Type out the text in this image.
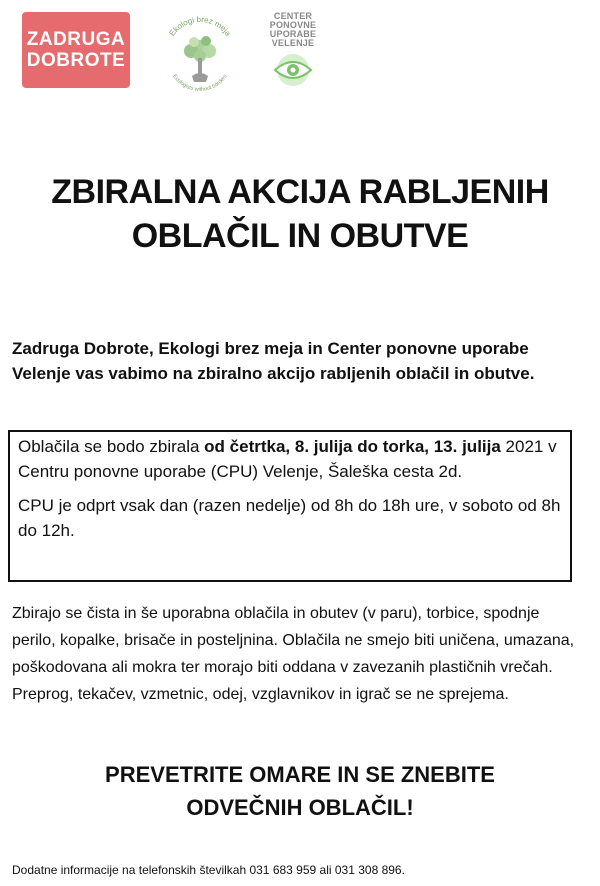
ZADRUGA
DOBROTE
Ekologi brez meja
Ecologists without borders
CENTER
PONOVNE
UPORABE
VELENJE
ZBIRALNA AKCIJA RABLJENIH
OBLAČIL IN OBUTVE

Zadruga Dobrote, Ekologi brez meja in Center ponovne uporabe Velenje vas vabimo na zbiralno akcijo rabljenih oblačil in obutve.

Oblačila se bodo zbirala od četrtka, 8. julija do torka, 13. julija 2021 v Centru ponovne uporabe (CPU) Velenje, Šaleška cesta 2d.

CPU je odprt vsak dan (razen nedelje) od 8h do 18h ure, v soboto od 8h do 12h.

Zbirajo se čista in še uporabna oblačila in obutev (v paru), torbice, spodnje perilo, kopalke, brisače in posteljnina. Oblačila ne smejo biti uničena, umazana, poškodovana ali mokra ter morajo biti oddana v zavezanih plastičnih vrečah. Preprog, tekačev, vzmetnic, odej, vzglavnikov in igrač se ne sprejema.

PREVETRITE OMARE IN SE ZNEBITE
ODVEČNIH OBLAČIL!

Dodatne informacije na telefonskih številkah 031 683 959 ali 031 308 896.
